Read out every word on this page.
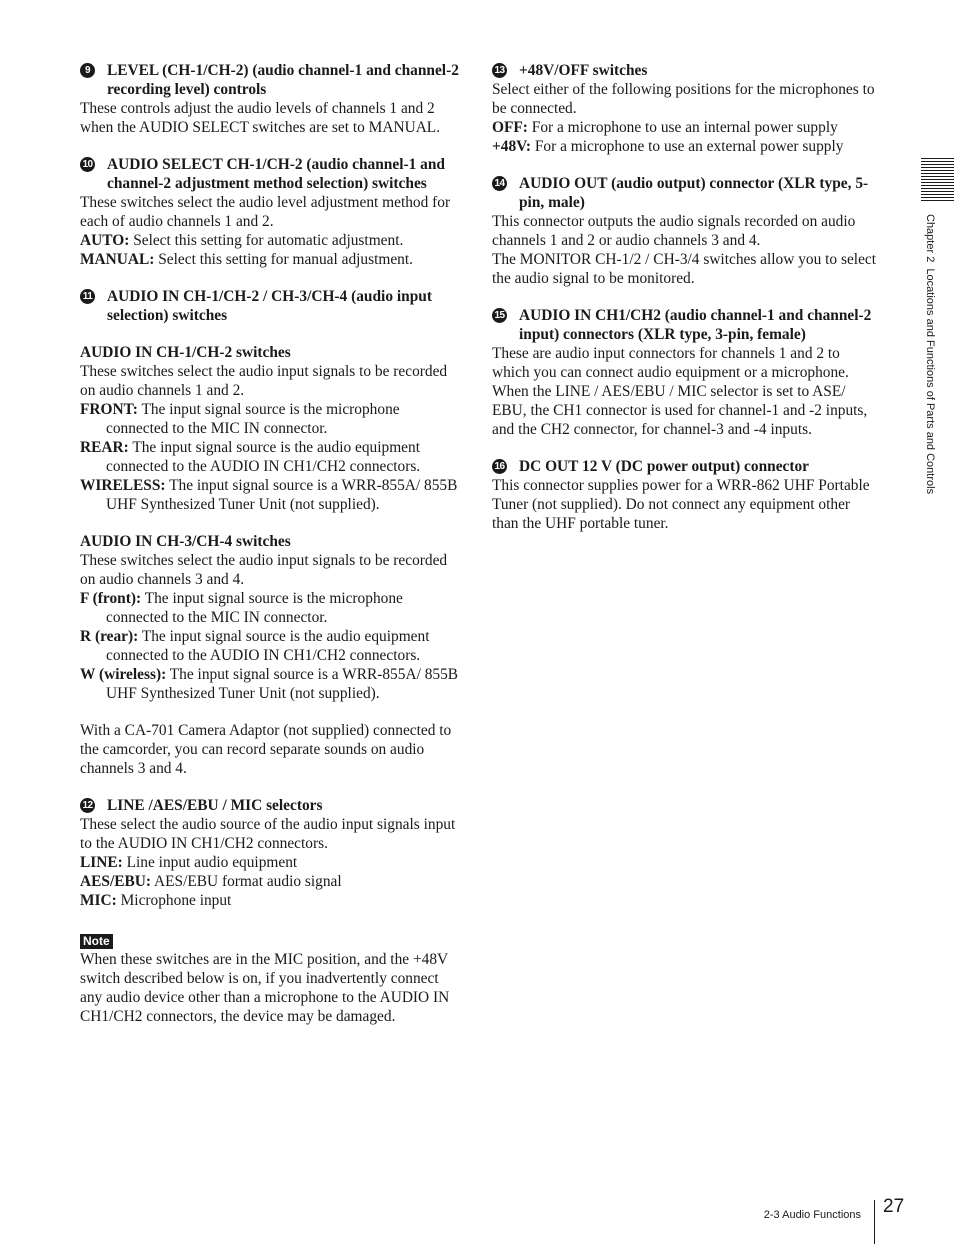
9	LEVEL (CH-1/CH-2) (audio channel-1 and channel-2 recording level) controls

These controls adjust the audio levels of channels 1 and 2 when the AUDIO SELECT switches are set to MANUAL.

10 AUDIO SELECT CH-1/CH-2 (audio channel-1 and channel-2 adjustment method selection) switches

These switches select the audio level adjustment method for each of audio channels 1 and 2.

AUTO: Select this setting for automatic adjustment.

MANUAL: Select this setting for manual adjustment.

11 AUDIO IN CH-1/CH-2 / CH-3/CH-4 (audio input selection) switches

AUDIO IN CH-1/CH-2 switches

These switches select the audio input signals to be recorded on audio channels 1 and 2.

FRONT: The input signal source is the microphone connected to the MIC IN connector.

REAR: The input signal source is the audio equipment connected to the AUDIO IN CH1/CH2 connectors.

WIRELESS: The input signal source is a WRR-855A/ 855B UHF Synthesized Tuner Unit (not supplied).

AUDIO IN CH-3/CH-4 switches

These switches select the audio input signals to be recorded on audio channels 3 and 4.

F (front): The input signal source is the microphone connected to the MIC IN connector.

R (rear): The input signal source is the audio equipment connected to the AUDIO IN CH1/CH2 connectors.

W (wireless): The input signal source is a WRR-855A/ 855B UHF Synthesized Tuner Unit (not supplied).

With a CA-701 Camera Adaptor (not supplied) connected to the camcorder, you can record separate sounds on audio channels 3 and 4.

12 LINE /AES/EBU / MIC selectors

These select the audio source of the audio input signals input to the AUDIO IN CH1/CH2 connectors.

LINE: Line input audio equipment

AES/EBU: AES/EBU format audio signal

MIC: Microphone input

Note

When these switches are in the MIC position, and the +48V switch described below is on, if you inadvertently connect any audio device other than a microphone to the AUDIO IN CH1/CH2 connectors, the device may be damaged.

13 +48V/OFF switches

Select either of the following positions for the microphones to be connected.

OFF: For a microphone to use an internal power supply

+48V: For a microphone to use an external power supply

14 AUDIO OUT (audio output) connector (XLR type, 5-pin, male)

This connector outputs the audio signals recorded on audio channels 1 and 2 or audio channels 3 and 4.

The MONITOR CH-1/2 / CH-3/4 switches allow you to select the audio signal to be monitored.

15 AUDIO IN CH1/CH2 (audio channel-1 and channel-2 input) connectors (XLR type, 3-pin, female)

These are audio input connectors for channels 1 and 2 to which you can connect audio equipment or a microphone. When the LINE / AES/EBU / MIC selector is set to ASE/ EBU, the CH1 connector is used for channel-1 and -2 inputs, and the CH2 connector, for channel-3 and -4 inputs.

16 DC OUT 12 V (DC power output) connector

This connector supplies power for a WRR-862 UHF Portable Tuner (not supplied). Do not connect any equipment other than the UHF portable tuner.

Chapter 2  Locations and Functions of Parts and Controls
2-3 Audio Functions 27
